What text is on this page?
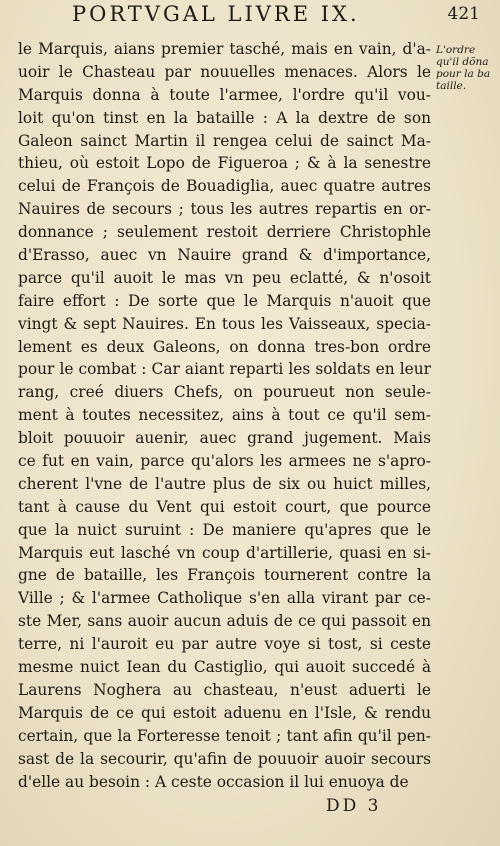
PORTVGAL LIVRE IX.	421
le Marquis, aians premier tasché, mais en vain, d'a-
uoir le Chasteau par nouuelles menaces. Alors le
Marquis donna à toute l'armee, l'ordre qu'il vou-
loit qu'on tinst en la bataille : A la dextre de son
Galeon sainct Martin il rengea celui de sainct Ma-
thieu, où estoit Lopo de Figueroa ; & à la senestre
celui de François de Bouadiglia, auec quatre autres
Nauires de secours ; tous les autres repartis en or-
donnance ; seulement restoit derriere Christophle
d'Erasso, auec vn Nauire grand & d'importance,
parce qu'il auoit le mas vn peu eclatté, & n'osoit
faire effort : De sorte que le Marquis n'auoit que
vingt & sept Nauires. En tous les Vaisseaux, specia-
lement es deux Galeons, on donna tres-bon ordre
pour le combat : Car aiant reparti les soldats en leur
rang, creé diuers Chefs, on pourueut non seule-
ment à toutes necessitez, ains à tout ce qu'il sem-
bloit pouuoir auenir, auec grand jugement. Mais
ce fut en vain, parce qu'alors les armees ne s'apro-
cherent l'vne de l'autre plus de six ou huict milles,
tant à cause du Vent qui estoit court, que pource
que la nuict suruint : De maniere qu'apres que le
Marquis eut lasché vn coup d'artillerie, quasi en si-
gne de bataille, les François tournerent contre la
Ville ; & l'armee Catholique s'en alla virant par ce-
ste Mer, sans auoir aucun aduis de ce qui passoit en
terre, ni l'auroit eu par autre voye si tost, si ceste
mesme nuict Iean du Castiglio, qui auoit succedé à
Laurens Noghera au chasteau, n'eust aduerti le
Marquis de ce qui estoit aduenu en l'Isle, & rendu
certain, que la Forteresse tenoit ; tant afin qu'il pen-
sast de la secourir, qu'afin de pouuoir auoir secours
d'elle au besoin : A ceste occasion il lui enuoya de
L'ordre
qu'il dõna
pour la ba
taille.
DD 3
